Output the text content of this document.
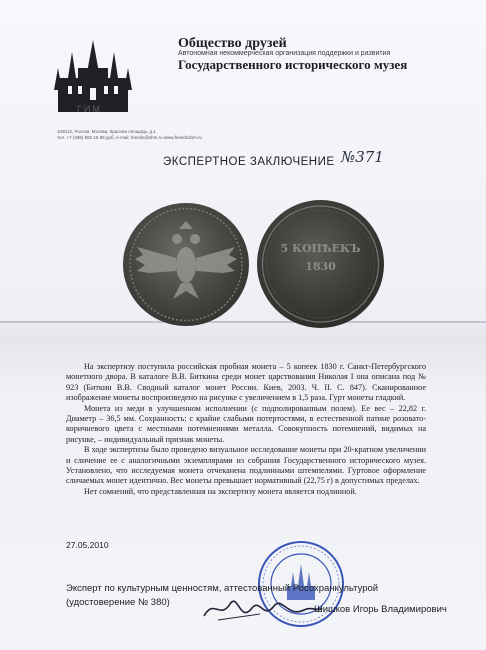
ГИМ
Общество друзей
Автономная некоммерческая организация поддержки и развития
Государственного исторического музея
103012, Россия, Москва, Красная площадь, д.1
тел. +7 (495) 692 15 88 доб. e-mail: friends@shm.ru www.friendsshm.ru
ЭКСПЕРТНОЕ ЗАКЛЮЧЕНИЕ №371
5 КОПѢЕКЪ 1830

На экспертизу поступила российская пробная монета – 5 копеек 1830 г. Санкт-Петербургского монетного двора. В каталоге В.В. Биткина среди монет царствования Николая I она описана под № 923 (Биткин В.В. Сводный каталог монет России. Киев, 2003. Ч. II. С. 847). Сканированное изображение монеты воспроизведено на рисунке с увеличением в 1,5 раза. Гурт монеты гладкий.

Монета из меди в улучшенном исполнении (с подполированным полем). Ее вес – 22,82 г. Диаметр – 36,5 мм. Сохранность: с крайне слабыми потертостями, в естественной патине розовато-коричневого цвета с местными потемнениями металла. Совокупность потемнений, видимых на рисунке, – индивидуальный признак монеты.

В ходе экспертизы было проведено визуальное исследование монеты при 20-кратном увеличении и сличение ее с аналогичными экземплярами из собрания Государственного исторического музея. Установлено, что исследуемая монета отчеканена подлинными штемпелями. Гуртовое оформление сличаемых монет идентично. Вес монеты превышает нормативный (22,75 г) в допустимых пределах.

Нет сомнений, что представленная на экспертизу монета является подлинной.

27.05.2010
Эксперт по культурным ценностям, аттестованный Росохранкультурой
(удостоверение № 380)
Шишков Игорь Владимирович
